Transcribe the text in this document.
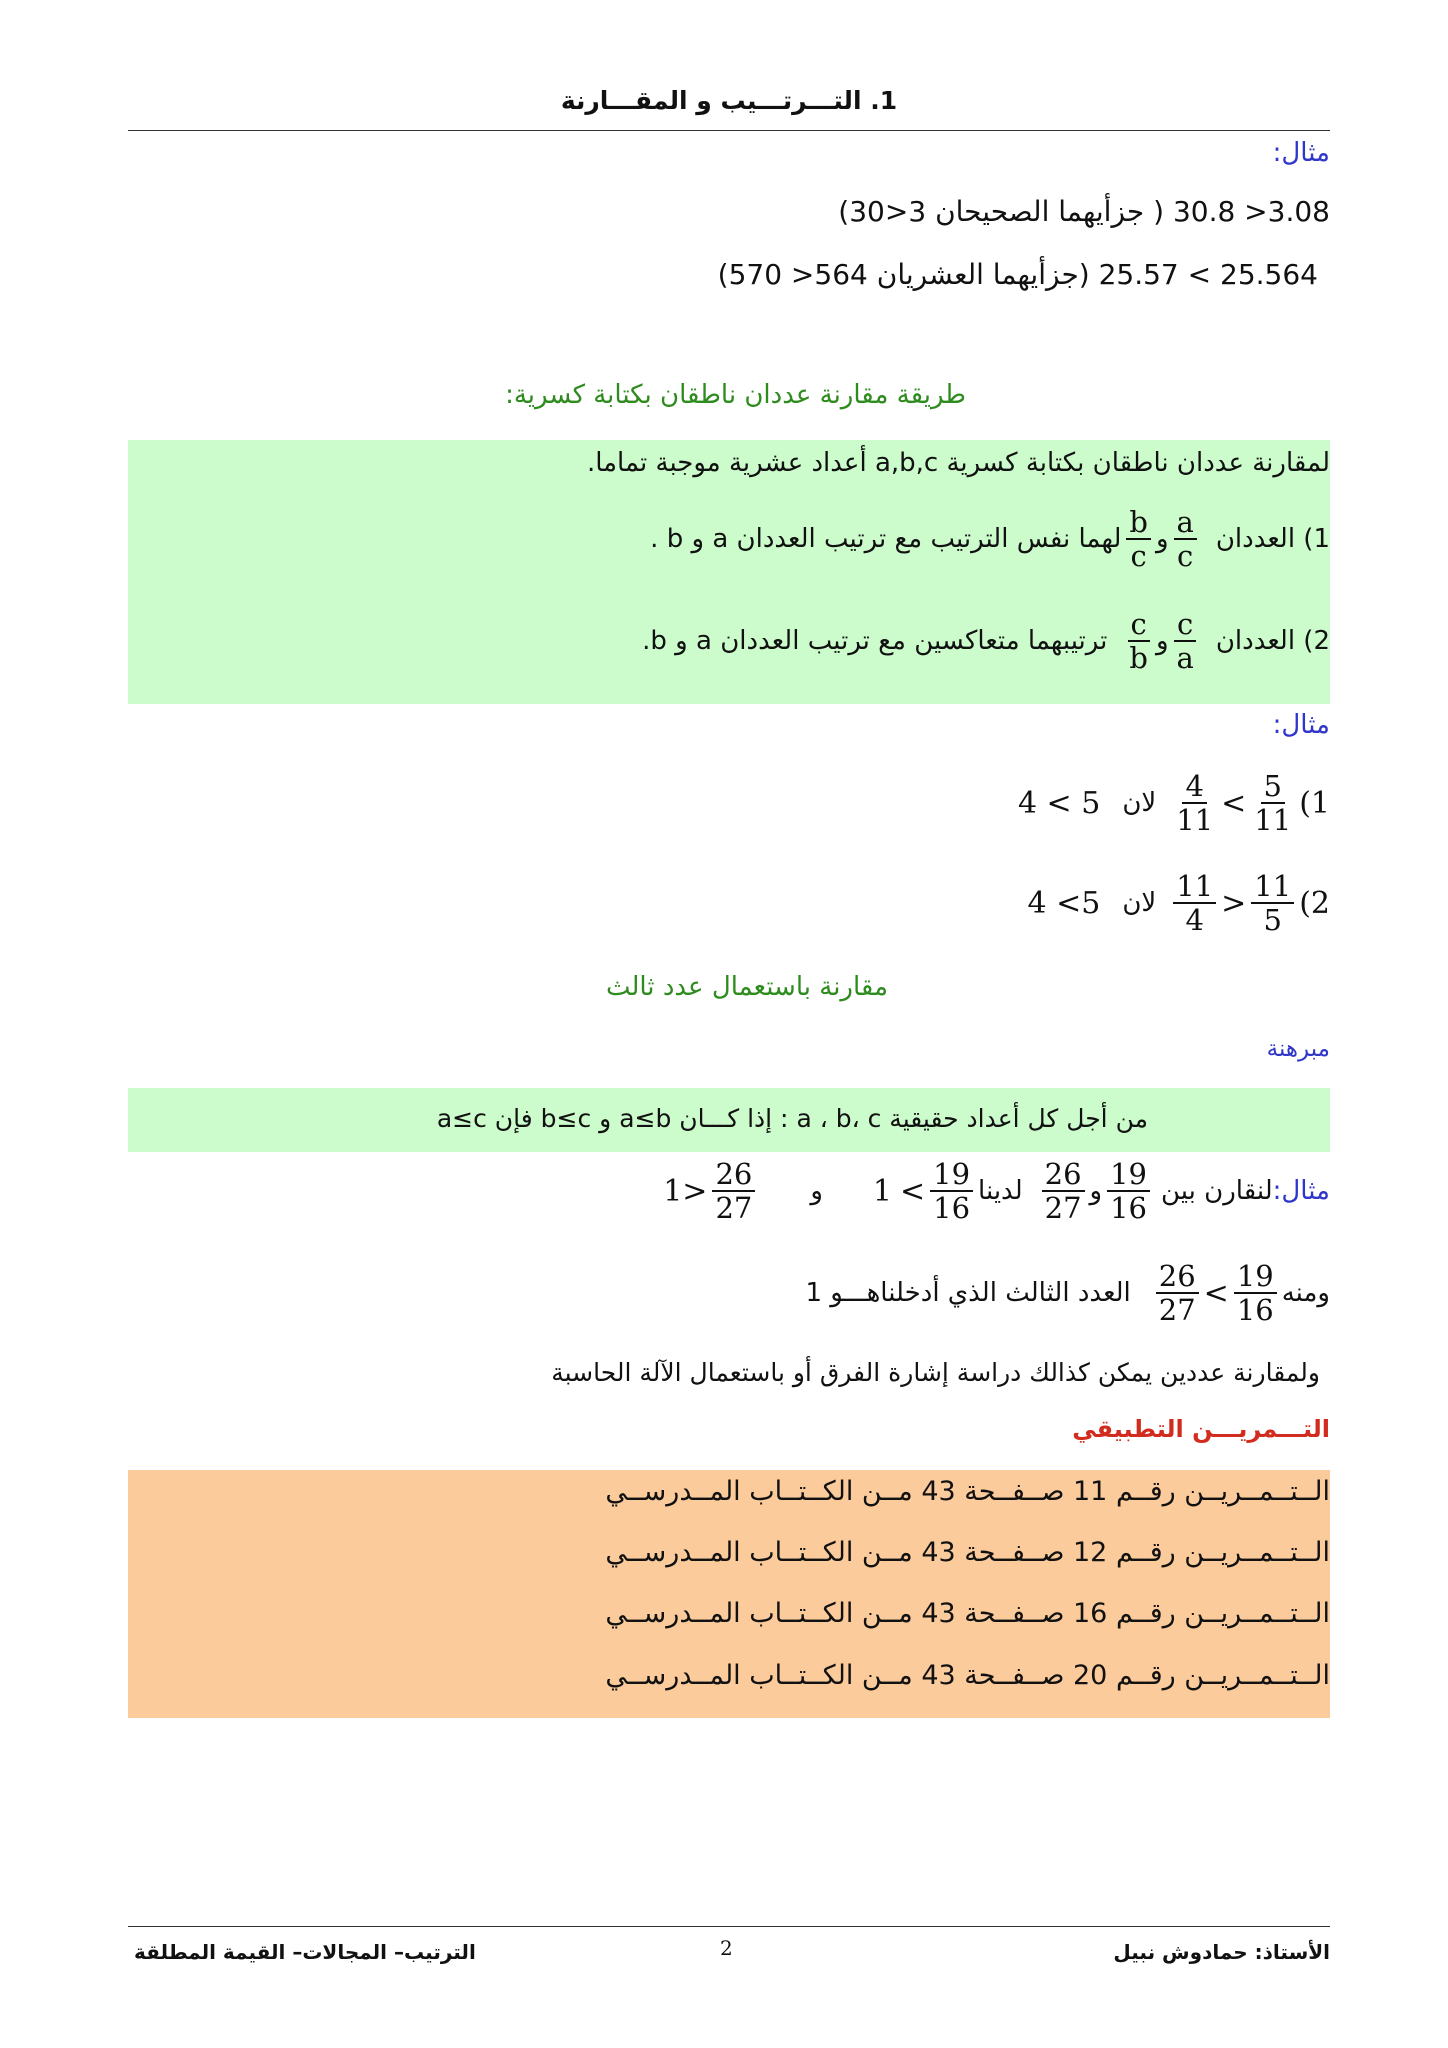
1. التـــرتـــيب و المقـــارنة
مثال:
3.08< 30.8 ( جزأيهما الصحيحان 3<30)
25.564 > 25.57 (جزأيهما العشريان 564< 570)
طريقة مقارنة عددان ناطقان بكتابة كسرية:
لمقارنة عددان ناطقان بكتابة كسرية a,b,c أعداد عشرية موجبة تماما.
1) العددان
$\frac{a}{c}$
و
$\frac{b}{c}$
لهما نفس الترتيب مع ترتيب العددان a و b .
2) العددان
$\frac{c}{a}$
و
$\frac{c}{b}$
ترتيبهما متعاكسين مع ترتيب العددان a و b.
مثال:
4 < 5 لان $\frac{4}{11} < \frac{5}{11} (1$
4 <5 لان $\frac{11}{4} > \frac{11}{5} (2$
مقارنة باستعمال عدد ثالث
مبرهنة
من أجل كل أعداد حقيقية a ، b، c : إذا كـــان a≤b و b≤c فإن a≤c
$1 > \frac{26}{27}$ و $1 < \frac{19}{16}$ لدينا $\frac{26}{27}$ و $\frac{19}{16}$ لنقارن بين مثال:
العدد الثالث الذي أدخلناهـــو $1 \frac{26}{27} < \frac{19}{16}$ ومنه
ولمقارنة عددين يمكن كذالك دراسة إشارة الفرق أو باستعمال الآلة الحاسبة
التـــمريـــن التطبيقي
الــتــمــريــن رقــم 11 صــفــحة 43 مــن الكــتــاب المــدرســي
الــتــمــريــن رقــم 12 صــفــحة 43 مــن الكــتــاب المــدرســي
الــتــمــريــن رقــم 16 صــفــحة 43 مــن الكــتــاب المــدرســي
الــتــمــريــن رقــم 20 صــفــحة 43 مــن الكــتــاب المــدرســي
الترتيب– المجالات– القيمة المطلقة	2	الأستاذ: حمادوش نبيل
